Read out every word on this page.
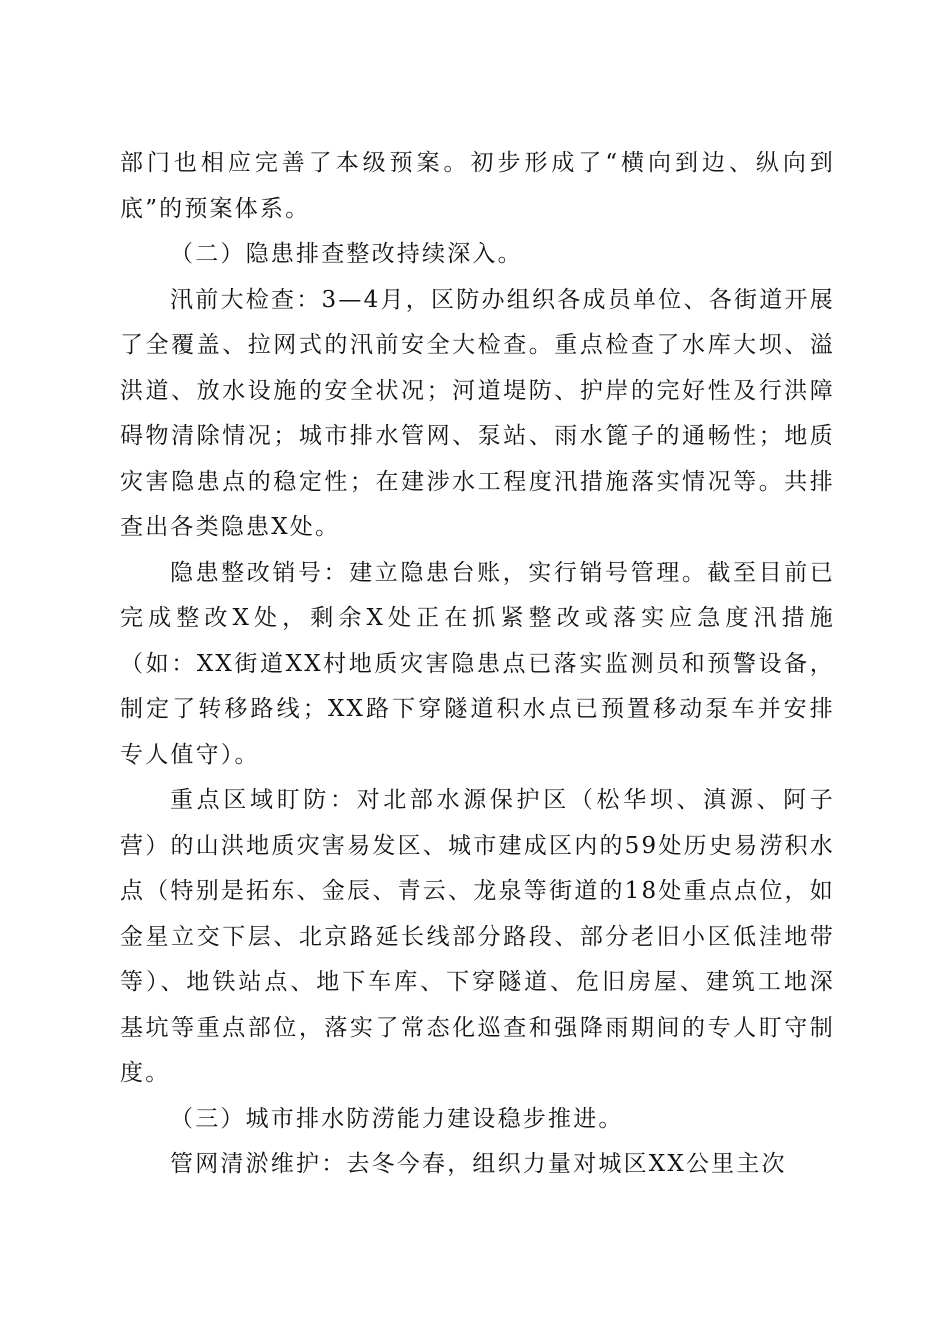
部门也相应完善了本级预案。初步形成了“横向到边、纵向到底”的预案体系。

（二）隐患排查整改持续深入。

汛前大检查：3—4月，区防办组织各成员单位、各街道开展了全覆盖、拉网式的汛前安全大检查。重点检查了水库大坝、溢洪道、放水设施的安全状况；河道堤防、护岸的完好性及行洪障碍物清除情况；城市排水管网、泵站、雨水篦子的通畅性；地质灾害隐患点的稳定性；在建涉水工程度汛措施落实情况等。共排查出各类隐患X处。

隐患整改销号：建立隐患台账，实行销号管理。截至目前已完成整改X处，剩余X处正在抓紧整改或落实应急度汛措施（如：XX街道XX村地质灾害隐患点已落实监测员和预警设备，制定了转移路线；XX路下穿隧道积水点已预置移动泵车并安排专人值守）。

重点区域盯防：对北部水源保护区（松华坝、滇源、阿子营）的山洪地质灾害易发区、城市建成区内的59处历史易涝积水点（特别是拓东、金辰、青云、龙泉等街道的18处重点点位，如金星立交下层、北京路延长线部分路段、部分老旧小区低洼地带等）、地铁站点、地下车库、下穿隧道、危旧房屋、建筑工地深基坑等重点部位，落实了常态化巡查和强降雨期间的专人盯守制度。

（三）城市排水防涝能力建设稳步推进。

管网清淤维护：去冬今春，组织力量对城区XX公里主次
